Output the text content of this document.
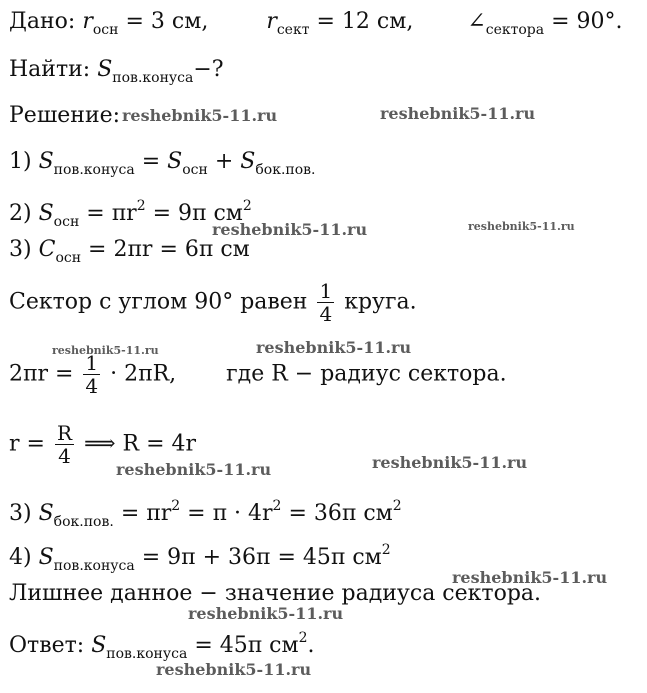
Дано: $r_{осн} = 3$ см,	$r_{сект} = 12$ см, $\angle_{сектора} = 90^\circ$.
Найти: $S_{пов.конуса}-$?
Решение:
1) $S_{пов.конуса} = S_{осн} + S_{бок.пов.}$
2) $S_{осн} = \pi r^2 = 9\pi$ $см^2$
3) $C_{осн} = 2\pi r = 6\pi$ см
Сектор с углом 90° равен $\frac{1}{4}$ круга.
$2\pi r = \frac{1}{4} \cdot 2\pi R$, где R − радиус сектора.
$r = \frac{R}{4}$ ⟹ R = 4r
3) $S_{бок.пов.} = \pi r^2 = \pi \cdot 4r^2 = 36\pi$ $см^2$
4) $S_{пов.конуса} = 9\pi + 36\pi = 45\pi$ $см^2$
Лишнее данное − значение радиуса сектора.
Ответ: $S_{пов.конуса} = 45\pi$ $см^2$.
reshebnik5-11.ru	reshebnik5-11.ru
reshebnik5-11.ru	reshebnik5-11.ru
reshebnik5-11.ru	reshebnik5-11.ru
reshebnik5-11.ru	reshebnik5-11.ru
reshebnik5-11.ru
reshebnik5-11.ru
reshebnik5-11.ru
